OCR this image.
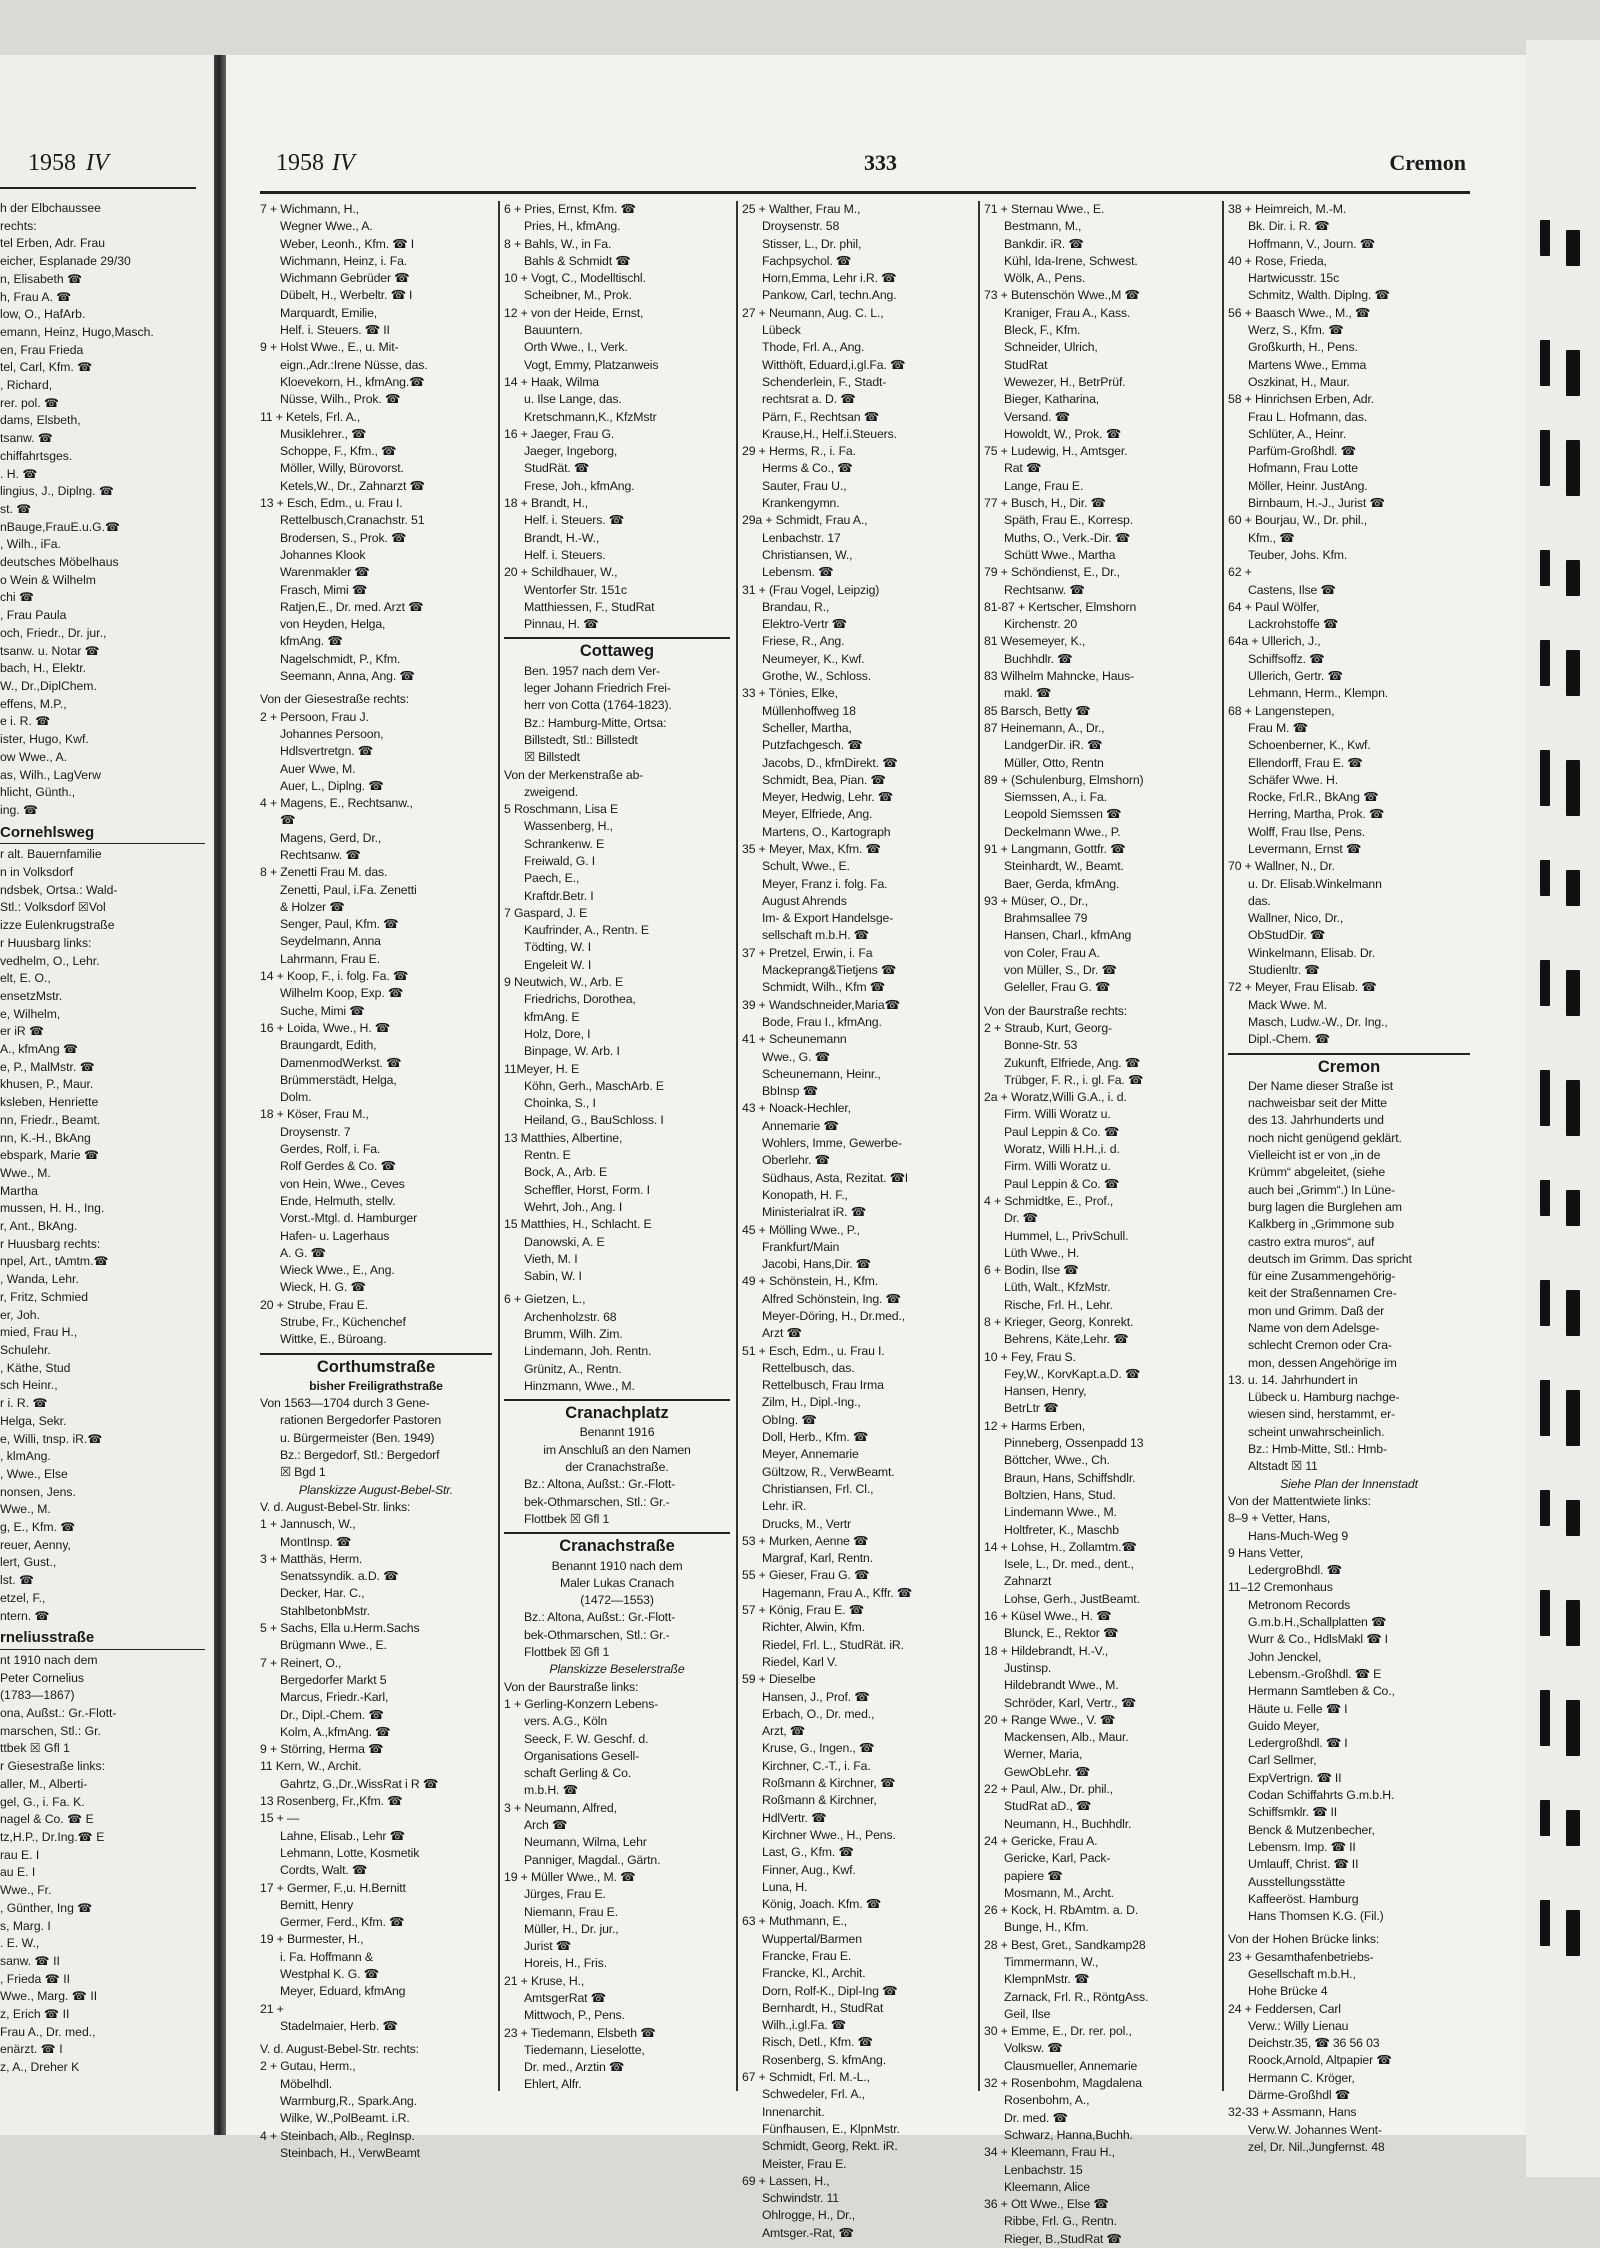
1958 IV
h der Elbchaussee
rechts:
tel Erben, Adr. Frau
eicher, Esplanade 29/30
n, Elisabeth ☎
h, Frau A. ☎
low, O., HafArb.
emann, Heinz, Hugo,Masch.
en, Frau Frieda
tel, Carl, Kfm. ☎
, Richard,
rer. pol. ☎
dams, Elsbeth,
tsanw. ☎
chiffahrtsges.
. H. ☎
lingius, J., Diplng. ☎
st. ☎
nBauge,FrauE.u.G.☎
, Wilh., iFa.
deutsches Möbelhaus
o Wein & Wilhelm
chi ☎
, Frau Paula
och, Friedr., Dr. jur.,
tsanw. u. Notar ☎
bach, H., Elektr.
W., Dr.,DiplChem.
effens, M.P.,
e i. R. ☎
ister, Hugo, Kwf.
ow Wwe., A.
as, Wilh., LagVerw
hlicht, Günth.,
ing. ☎
Cornehlsweg
r alt. Bauernfamilie
n in Volksdorf
ndsbek, Ortsa.: Wald-
Stl.: Volksdorf ☒Vol
izze Eulenkrugstraße
r Huusbarg links:
vedhelm, O., Lehr.
elt, E. O.,
ensetzMstr.
e, Wilhelm,
er iR ☎
A., kfmAng ☎
e, P., MalMstr. ☎
khusen, P., Maur.
ksleben, Henriette
nn, Friedr., Beamt.
nn, K.-H., BkAng
ebspark, Marie ☎
Wwe., M.
Martha
mussen, H. H., Ing.
r, Ant., BkAng.
r Huusbarg rechts:
npel, Art., tAmtm.☎
, Wanda, Lehr.
r, Fritz, Schmied
er, Joh.
mied, Frau H.,
Schulehr.
, Käthe, Stud
sch Heinr.,
r i. R. ☎
Helga, Sekr.
e, Willi, tnsp. iR.☎
, klmAng.
, Wwe., Else
nonsen, Jens.
Wwe., M.
g, E., Kfm. ☎
reuer, Aenny,
lert, Gust.,
lst. ☎
etzel, F.,
ntern. ☎
rneliusstraße
nt 1910 nach dem
Peter Cornelius
(1783—1867)
ona, Außst.: Gr.-Flott-
marschen, Stl.: Gr.
ttbek ☒ Gfl 1
r Giesestraße links:
aller, M., Alberti-
gel, G., i. Fa. K.
nagel & Co. ☎ E
tz,H.P., Dr.Ing.☎ E
rau E. I
au E. I
Wwe., Fr.
, Günther, Ing ☎
s, Marg. I
. E. W.,
sanw. ☎ II
, Frieda ☎ II
Wwe., Marg. ☎ II
z, Erich ☎ II
Frau A., Dr. med.,
enärzt. ☎ I
z, A., Dreher K
1958 IV	333	Cremon
7 + Wichmann, H.,
Wegner Wwe., A.
Weber, Leonh., Kfm. ☎ I
Wichmann, Heinz, i. Fa.
Wichmann Gebrüder ☎
Dübelt, H., Werbeltr. ☎ I
Marquardt, Emilie,
Helf. i. Steuers. ☎ II
9 + Holst Wwe., E., u. Mit-
eign.,Adr.:Irene Nüsse, das.
Kloevekorn, H., kfmAng.☎
Nüsse, Wilh., Prok. ☎
11 + Ketels, Frl. A.,
Musiklehrer., ☎
Schoppe, F., Kfm., ☎
Möller, Willy, Bürovorst.
Ketels,W., Dr., Zahnarzt ☎
13 + Esch, Edm., u. Frau I.
Rettelbusch,Cranachstr. 51
Brodersen, S., Prok. ☎
Johannes Klook
Warenmakler ☎
Frasch, Mimi ☎
Ratjen,E., Dr. med. Arzt ☎
von Heyden, Helga,
kfmAng. ☎
Nagelschmidt, P., Kfm.
Seemann, Anna, Ang. ☎
Von der Giesestraße rechts:
2 + Persoon, Frau J.
Johannes Persoon,
Hdlsvertretgn. ☎
Auer Wwe, M.
Auer, L., Diplng. ☎
4 + Magens, E., Rechtsanw.,
☎
Magens, Gerd, Dr.,
Rechtsanw. ☎
8 + Zenetti Frau M. das.
Zenetti, Paul, i.Fa. Zenetti
& Holzer ☎
Senger, Paul, Kfm. ☎
Seydelmann, Anna
Lahrmann, Frau E.
14 + Koop, F., i. folg. Fa. ☎
Wilhelm Koop, Exp. ☎
Suche, Mimi ☎
16 + Loida, Wwe., H. ☎
Braungardt, Edith,
DamenmodWerkst. ☎
Brümmerstädt, Helga,
Dolm.
18 + Köser, Frau M.,
Droysenstr. 7
Gerdes, Rolf, i. Fa.
Rolf Gerdes & Co. ☎
von Hein, Wwe., Ceves
Ende, Helmuth, stellv.
Vorst.-Mtgl. d. Hamburger
Hafen- u. Lagerhaus
A. G. ☎
Wieck Wwe., E., Ang.
Wieck, H. G. ☎
20 + Strube, Frau E.
Strube, Fr., Küchenchef
Wittke, E., Büroang.
Corthumstraße
bisher Freiligrathstraße
Von 1563—1704 durch 3 Gene-
rationen Bergedorfer Pastoren
u. Bürgermeister (Ben. 1949)
Bz.: Bergedorf, Stl.: Bergedorf
☒ Bgd 1
Planskizze August-Bebel-Str.
V. d. August-Bebel-Str. links:
1 + Jannusch, W.,
MontInsp. ☎
3 + Matthäs, Herm.
Senatssyndik. a.D. ☎
Decker, Har. C.,
StahlbetonbMstr.
5 + Sachs, Ella u.Herm.Sachs
Brügmann Wwe., E.
7 + Reinert, O.,
Bergedorfer Markt 5
Marcus, Friedr.-Karl,
Dr., Dipl.-Chem. ☎
Kolm, A.,kfmAng. ☎
9 + Störring, Herma ☎
11 Kern, W., Archit.
Gahrtz, G.,Dr.,WissRat i R ☎
13 Rosenberg, Fr.,Kfm. ☎
15 + —
Lahne, Elisab., Lehr ☎
Lehmann, Lotte, Kosmetik
Cordts, Walt. ☎
17 + Germer, F.,u. H.Bernitt
Bernitt, Henry
Germer, Ferd., Kfm. ☎
19 + Burmester, H.,
i. Fa. Hoffmann &
Westphal K. G. ☎
Meyer, Eduard, kfmAng
21 +
Stadelmaier, Herb. ☎
V. d. August-Bebel-Str. rechts:
2 + Gutau, Herm.,
Möbelhdl.
Warmburg,R., Spark.Ang.
Wilke, W.,PolBeamt. i.R.
4 + Steinbach, Alb., RegInsp.
Steinbach, H., VerwBeamt
6 + Pries, Ernst, Kfm. ☎
Pries, H., kfmAng.
8 + Bahls, W., in Fa.
Bahls & Schmidt ☎
10 + Vogt, C., Modelltischl.
Scheibner, M., Prok.
12 + von der Heide, Ernst,
Bauuntern.
Orth Wwe., I., Verk.
Vogt, Emmy, Platzanweis
14 + Haak, Wilma
u. Ilse Lange, das.
Kretschmann,K., KfzMstr
16 + Jaeger, Frau G.
Jaeger, Ingeborg,
StudRät. ☎
Frese, Joh., kfmAng.
18 + Brandt, H.,
Helf. i. Steuers. ☎
Brandt, H.-W.,
Helf. i. Steuers.
20 + Schildhauer, W.,
Wentorfer Str. 151c
Matthiessen, F., StudRat
Pinnau, H. ☎
Cottaweg
Ben. 1957 nach dem Ver-
leger Johann Friedrich Frei-
herr von Cotta (1764-1823).
Bz.: Hamburg-Mitte, Ortsa:
Billstedt, Stl.: Billstedt
☒ Billstedt
Von der Merkenstraße ab-
zweigend.
5 Roschmann, Lisa E
Wassenberg, H.,
Schrankenw. E
Freiwald, G. I
Paech, E.,
Kraftdr.Betr. I
7 Gaspard, J. E
Kaufrinder, A., Rentn. E
Tödting, W. I
Engeleit W. I
9 Neutwich, W., Arb. E
Friedrichs, Dorothea,
kfmAng. E
Holz, Dore, I
Binpage, W. Arb. I
11Meyer, H. E
Köhn, Gerh., MaschArb. E
Choinka, S., I
Heiland, G., BauSchloss. I
13 Matthies, Albertine,
Rentn. E
Bock, A., Arb. E
Scheffler, Horst, Form. I
Wehrt, Joh., Ang. I
15 Matthies, H., Schlacht. E
Danowski, A. E
Vieth, M. I
Sabin, W. I
6 + Gietzen, L.,
Archenholzstr. 68
Brumm, Wilh. Zim.
Lindemann, Joh. Rentn.
Grünitz, A., Rentn.
Hinzmann, Wwe., M.
Cranachplatz
Benannt 1916
im Anschluß an den Namen
der Cranachstraße.
Bz.: Altona, Außst.: Gr.-Flott-
bek-Othmarschen, Stl.: Gr.-
Flottbek ☒ Gfl 1
Cranachstraße
Benannt 1910 nach dem
Maler Lukas Cranach
(1472—1553)
Bz.: Altona, Außst.: Gr.-Flott-
bek-Othmarschen, Stl.: Gr.-
Flottbek ☒ Gfl 1
Planskizze Beselerstraße
Von der Baurstraße links:
1 + Gerling-Konzern Lebens-
vers. A.G., Köln
Seeck, F. W. Geschf. d.
Organisations Gesell-
schaft Gerling & Co.
m.b.H. ☎
3 + Neumann, Alfred,
Arch ☎
Neumann, Wilma, Lehr
Panniger, Magdal., Gärtn.
19 + Müller Wwe., M. ☎
Jürges, Frau E.
Niemann, Frau E.
Müller, H., Dr. jur.,
Jurist ☎
Horeis, H., Fris.
21 + Kruse, H.,
AmtsgerRat ☎
Mittwoch, P., Pens.
23 + Tiedemann, Elsbeth ☎
Tiedemann, Lieselotte,
Dr. med., Arztin ☎
Ehlert, Alfr.
25 + Walther, Frau M.,
Droysenstr. 58
Stisser, L., Dr. phil,
Fachpsychol. ☎
Horn,Emma, Lehr i.R. ☎
Pankow, Carl, techn.Ang.
27 + Neumann, Aug. C. L.,
Lübeck
Thode, Frl. A., Ang.
Witthöft, Eduard,i.gl.Fa. ☎
Schenderlein, F., Stadt-
rechtsrat a. D. ☎
Pärn, F., Rechtsan ☎
Krause,H., Helf.i.Steuers.
29 + Herms, R., i. Fa.
Herms & Co., ☎
Sauter, Frau U.,
Krankengymn.
29a + Schmidt, Frau A.,
Lenbachstr. 17
Christiansen, W.,
Lebensm. ☎
31 + (Frau Vogel, Leipzig)
Brandau, R.,
Elektro-Vertr ☎
Friese, R., Ang.
Neumeyer, K., Kwf.
Grothe, W., Schloss.
33 + Tönies, Elke,
Müllenhoffweg 18
Scheller, Martha,
Putzfachgesch. ☎
Jacobs, D., kfmDirekt. ☎
Schmidt, Bea, Pian. ☎
Meyer, Hedwig, Lehr. ☎
Meyer, Elfriede, Ang.
Martens, O., Kartograph
35 + Meyer, Max, Kfm. ☎
Schult, Wwe., E.
Meyer, Franz i. folg. Fa.
August Ahrends
Im- & Export Handelsge-
sellschaft m.b.H. ☎
37 + Pretzel, Erwin, i. Fa
Mackeprang&Tietjens ☎
Schmidt, Wilh., Kfm ☎
39 + Wandschneider,Maria☎
Bode, Frau I., kfmAng.
41 + Scheunemann
Wwe., G. ☎
Scheunemann, Heinr.,
BbInsp ☎
43 + Noack-Hechler,
Annemarie ☎
Wohlers, Imme, Gewerbe-
Oberlehr. ☎
Südhaus, Asta, Rezitat. ☎I
Konopath, H. F.,
Ministerialrat iR. ☎
45 + Mölling Wwe., P.,
Frankfurt/Main
Jacobi, Hans,Dir. ☎
49 + Schönstein, H., Kfm.
Alfred Schönstein, Ing. ☎
Meyer-Döring, H., Dr.med.,
Arzt ☎
51 + Esch, Edm., u. Frau I.
Rettelbusch, das.
Rettelbusch, Frau Irma
Zilm, H., Dipl.-Ing.,
ObIng. ☎
Doll, Herb., Kfm. ☎
Meyer, Annemarie
Gültzow, R., VerwBeamt.
Christiansen, Frl. Cl.,
Lehr. iR.
Drucks, M., Vertr
53 + Murken, Aenne ☎
Margraf, Karl, Rentn.
55 + Gieser, Frau G. ☎
Hagemann, Frau A., Kffr. ☎
57 + König, Frau E. ☎
Richter, Alwin, Kfm.
Riedel, Frl. L., StudRät. iR.
Riedel, Karl V.
59 + Dieselbe
Hansen, J., Prof. ☎
Erbach, O., Dr. med.,
Arzt, ☎
Kruse, G., Ingen., ☎
Kirchner, C.-T., i. Fa.
Roßmann & Kirchner, ☎
Roßmann & Kirchner,
HdlVertr. ☎
Kirchner Wwe., H., Pens.
Last, G., Kfm. ☎
Finner, Aug., Kwf.
Luna, H.
König, Joach. Kfm. ☎
63 + Muthmann, E.,
Wuppertal/Barmen
Francke, Frau E.
Francke, Kl., Archit.
Dorn, Rolf-K., Dipl-Ing ☎
Bernhardt, H., StudRat
Wilh.,i.gl.Fa. ☎
Risch, Detl., Kfm. ☎
Rosenberg, S. kfmAng.
67 + Schmidt, Frl. M.-L.,
Schwedeler, Frl. A.,
Innenarchit.
Fünfhausen, E., KlpnMstr.
Schmidt, Georg, Rekt. iR.
Meister, Frau E.
69 + Lassen, H.,
Schwindstr. 11
Ohlrogge, H., Dr.,
Amtsger.-Rat, ☎
71 + Sternau Wwe., E.
Bestmann, M.,
Bankdir. iR. ☎
Kühl, Ida-Irene, Schwest.
Wölk, A., Pens.
73 + Butenschön Wwe.,M ☎
Kraniger, Frau A., Kass.
Bleck, F., Kfm.
Schneider, Ulrich,
StudRat
Wewezer, H., BetrPrüf.
Bieger, Katharina,
Versand. ☎
Howoldt, W., Prok. ☎
75 + Ludewig, H., Amtsger.
Rat ☎
Lange, Frau E.
77 + Busch, H., Dir. ☎
Späth, Frau E., Korresp.
Muths, O., Verk.-Dir. ☎
Schütt Wwe., Martha
79 + Schöndienst, E., Dr.,
Rechtsanw. ☎
81-87 + Kertscher, Elmshorn
Kirchenstr. 20
81 Wesemeyer, K.,
Buchhdlr. ☎
83 Wilhelm Mahncke, Haus-
makl. ☎
85 Barsch, Betty ☎
87 Heinemann, A., Dr.,
LandgerDir. iR. ☎
Müller, Otto, Rentn
89 + (Schulenburg, Elmshorn)
Siemssen, A., i. Fa.
Leopold Siemssen ☎
Deckelmann Wwe., P.
91 + Langmann, Gottfr. ☎
Steinhardt, W., Beamt.
Baer, Gerda, kfmAng.
93 + Müser, O., Dr.,
Brahmsallee 79
Hansen, Charl., kfmAng
von Coler, Frau A.
von Müller, S., Dr. ☎
Geleller, Frau G. ☎
Von der Baurstraße rechts:
2 + Straub, Kurt, Georg-
Bonne-Str. 53
Zukunft, Elfriede, Ang. ☎
Trübger, F. R., i. gl. Fa. ☎
2a + Woratz,Willi G.A., i. d.
Firm. Willi Woratz u.
Paul Leppin & Co. ☎
Woratz, Willi H.H.,i. d.
Firm. Willi Woratz u.
Paul Leppin & Co. ☎
4 + Schmidtke, E., Prof.,
Dr. ☎
Hummel, L., PrivSchull.
Lüth Wwe., H.
6 + Bodin, Ilse ☎
Lüth, Walt., KfzMstr.
Rische, Frl. H., Lehr.
8 + Krieger, Georg, Konrekt.
Behrens, Käte,Lehr. ☎
10 + Fey, Frau S.
Fey,W., KorvKapt.a.D. ☎
Hansen, Henry,
BetrLtr ☎
12 + Harms Erben,
Pinneberg, Ossenpadd 13
Böttcher, Wwe., Ch.
Braun, Hans, Schiffshdlr.
Boltzien, Hans, Stud.
Lindemann Wwe., M.
Holtfreter, K., Maschb
14 + Lohse, H., Zollamtm.☎
Isele, L., Dr. med., dent.,
Zahnarzt
Lohse, Gerh., JustBeamt.
16 + Küsel Wwe., H. ☎
Blunck, E., Rektor ☎
18 + Hildebrandt, H.-V.,
Justinsp.
Hildebrandt Wwe., M.
Schröder, Karl, Vertr., ☎
20 + Range Wwe., V. ☎
Mackensen, Alb., Maur.
Werner, Maria,
GewObLehr. ☎
22 + Paul, Alw., Dr. phil.,
StudRat aD., ☎
Neumann, H., Buchhdlr.
24 + Gericke, Frau A.
Gericke, Karl, Pack-
papiere ☎
Mosmann, M., Archt.
26 + Kock, H. RbAmtm. a. D.
Bunge, H., Kfm.
28 + Best, Gret., Sandkamp28
Timmermann, W.,
KlempnMstr. ☎
Zarnack, Frl. R., RöntgAss.
Geil, Ilse
30 + Emme, E., Dr. rer. pol.,
Volksw. ☎
Clausmueller, Annemarie
32 + Rosenbohm, Magdalena
Rosenbohm, A.,
Dr. med. ☎
Schwarz, Hanna,Buchh.
34 + Kleemann, Frau H.,
Lenbachstr. 15
Kleemann, Alice
36 + Ott Wwe., Else ☎
Ribbe, Frl. G., Rentn.
Rieger, B.,StudRat ☎
38 + Heimreich, M.-M.
Bk. Dir. i. R. ☎
Hoffmann, V., Journ. ☎
40 + Rose, Frieda,
Hartwicusstr. 15c
Schmitz, Walth. Diplng. ☎
56 + Baasch Wwe., M., ☎
Werz, S., Kfm. ☎
Großkurth, H., Pens.
Martens Wwe., Emma
Oszkinat, H., Maur.
58 + Hinrichsen Erben, Adr.
Frau L. Hofmann, das.
Schlüter, A., Heinr.
Parfüm-Großhdl. ☎
Hofmann, Frau Lotte
Möller, Heinr. JustAng.
Birnbaum, H.-J., Jurist ☎
60 + Bourjau, W., Dr. phil.,
Kfm., ☎
Teuber, Johs. Kfm.
62 +
Castens, Ilse ☎
64 + Paul Wölfer,
Lackrohstoffe ☎
64a + Ullerich, J.,
Schiffsoffz. ☎
Ullerich, Gertr. ☎
Lehmann, Herm., Klempn.
68 + Langenstepen,
Frau M. ☎
Schoenberner, K., Kwf.
Ellendorff, Frau E. ☎
Schäfer Wwe. H.
Rocke, Frl.R., BkAng ☎
Herring, Martha, Prok. ☎
Wolff, Frau Ilse, Pens.
Levermann, Ernst ☎
70 + Wallner, N., Dr.
u. Dr. Elisab.Winkelmann
das.
Wallner, Nico, Dr.,
ObStudDir. ☎
Winkelmann, Elisab. Dr.
Studienltr. ☎
72 + Meyer, Frau Elisab. ☎
Mack Wwe. M.
Masch, Ludw.-W., Dr. Ing.,
Dipl.-Chem. ☎
Cremon
Der Name dieser Straße ist
nachweisbar seit der Mitte
des 13. Jahrhunderts und
noch nicht genügend geklärt.
Vielleicht ist er von „in de
Krümm“ abgeleitet, (siehe
auch bei „Grimm“.) In Lüne-
burg lagen die Burglehen am
Kalkberg in „Grimmone sub
castro extra muros“, auf
deutsch im Grimm. Das spricht
für eine Zusammengehörig-
keit der Straßennamen Cre-
mon und Grimm. Daß der
Name von dem Adelsge-
schlecht Cremon oder Cra-
mon, dessen Angehörige im
13. u. 14. Jahrhundert in
Lübeck u. Hamburg nachge-
wiesen sind, herstammt, er-
scheint unwahrscheinlich.
Bz.: Hmb-Mitte, Stl.: Hmb-
Altstadt ☒ 11
Siehe Plan der Innenstadt
Von der Mattentwiete links:
8–9 + Vetter, Hans,
Hans-Much-Weg 9
9 Hans Vetter,
LedergroBhdl. ☎
11–12 Cremonhaus
Metronom Records
G.m.b.H.,Schallplatten ☎
Wurr & Co., HdlsMakl ☎ I
John Jenckel,
Lebensm.-Großhdl. ☎ E
Hermann Samtleben & Co.,
Häute u. Felle ☎ I
Guido Meyer,
Ledergroßhdl. ☎ I
Carl Sellmer,
ExpVertrign. ☎ II
Codan Schiffahrts G.m.b.H.
Schiffsmklr. ☎ II
Benck & Mutzenbecher,
Lebensm. Imp. ☎ II
Umlauff, Christ. ☎ II
Ausstellungsstätte
Kaffeeröst. Hamburg
Hans Thomsen K.G. (Fil.)
Von der Hohen Brücke links:
23 + Gesamthafenbetriebs-
Gesellschaft m.b.H.,
Hohe Brücke 4
24 + Feddersen, Carl
Verw.: Willy Lienau
Deichstr.35, ☎ 36 56 03
Roock,Arnold, Altpapier ☎
Hermann C. Kröger,
Därme-Großhdl ☎
32-33 + Assmann, Hans
Verw.W. Johannes Went-
zel, Dr. Nil.,Jungfernst. 48
